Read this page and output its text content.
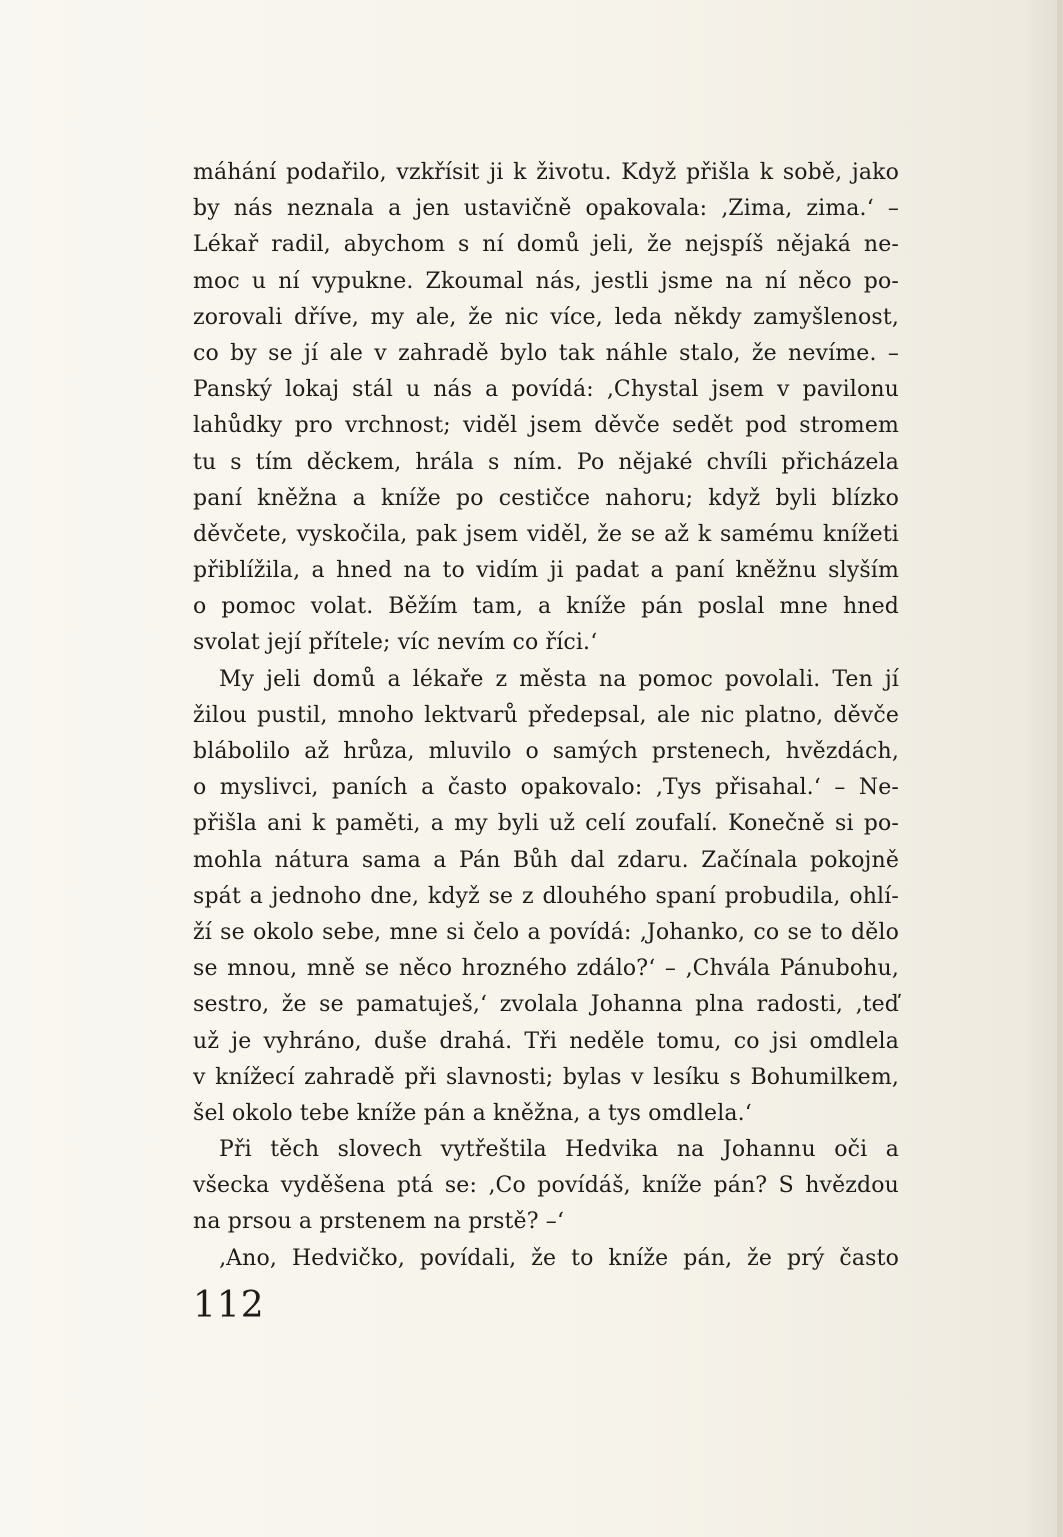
máhání podařilo, vzkřísit ji k životu. Když přišla k sobě, jako
by nás neznala a jen ustavičně opakovala: ‚Zima, zima.‘ –
Lékař radil, abychom s ní domů jeli, že nejspíš nějaká ne-
moc u ní vypukne. Zkoumal nás, jestli jsme na ní něco po-
zorovali dříve, my ale, že nic více, leda někdy zamyšlenost,
co by se jí ale v zahradě bylo tak náhle stalo, že nevíme. –
Panský lokaj stál u nás a povídá: ‚Chystal jsem v pavilonu
lahůdky pro vrchnost; viděl jsem děvče sedět pod stromem
tu s tím děckem, hrála s ním. Po nějaké chvíli přicházela
paní kněžna a kníže po cestičce nahoru; když byli blízko
děvčete, vyskočila, pak jsem viděl, že se až k samému knížeti
přiblížila, a hned na to vidím ji padat a paní kněžnu slyším
o pomoc volat. Běžím tam, a kníže pán poslal mne hned
svolat její přítele; víc nevím co říci.‘
My jeli domů a lékaře z města na pomoc povolali. Ten jí
žilou pustil, mnoho lektvarů předepsal, ale nic platno, děvče
blábolilo až hrůza, mluvilo o samých prstenech, hvězdách,
o myslivci, paních a často opakovalo: ‚Tys přisahal.‘ – Ne-
přišla ani k paměti, a my byli už celí zoufalí. Konečně si po-
mohla nátura sama a Pán Bůh dal zdaru. Začínala pokojně
spát a jednoho dne, když se z dlouhého spaní probudila, ohlí-
ží se okolo sebe, mne si čelo a povídá: ‚Johanko, co se to dělo
se mnou, mně se něco hrozného zdálo?‘ – ‚Chvála Pánubohu,
sestro, že se pamatuješ,‘ zvolala Johanna plna radosti, ‚teď
už je vyhráno, duše drahá. Tři neděle tomu, co jsi omdlela
v knížecí zahradě při slavnosti; bylas v lesíku s Bohumilkem,
šel okolo tebe kníže pán a kněžna, a tys omdlela.‘
Při těch slovech vytřeštila Hedvika na Johannu oči a
všecka vyděšena ptá se: ‚Co povídáš, kníže pán? S hvězdou
na prsou a prstenem na prstě? –‘
‚Ano, Hedvičko, povídali, že to kníže pán, že prý často
112
